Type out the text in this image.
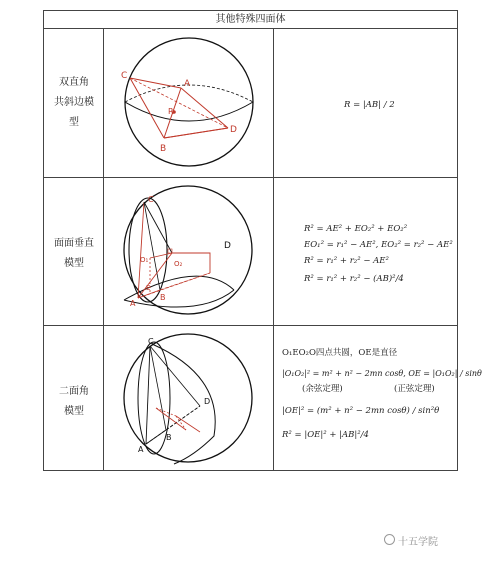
其他特殊四面体
双直角
共斜边模
型
C
A
R
B
D
R = |AB| / 2
面面垂直
模型
C
D
O₁	O₂
A
B
E
R² = AE² + EO₂² + EO₂²
EO₁² = r₁² − AE², EO₂² = r₂² − AE²
R² = r₁² + r₂² − AE²
R² = r₁² + r₂² − (AB)²/4
二面角
模型
C
D
A
B
O₁EO₂O四点共圆，OE是直径
|O₁O₂|² = m² + n² − 2mn cosθ, OE = |O₁O₂| / sinθ
(余弦定理)	(正弦定理)
|OE|² = (m² + n² − 2mn cosθ) / sin²θ
R² = |OE|² + |AB|²/4
十五学院
